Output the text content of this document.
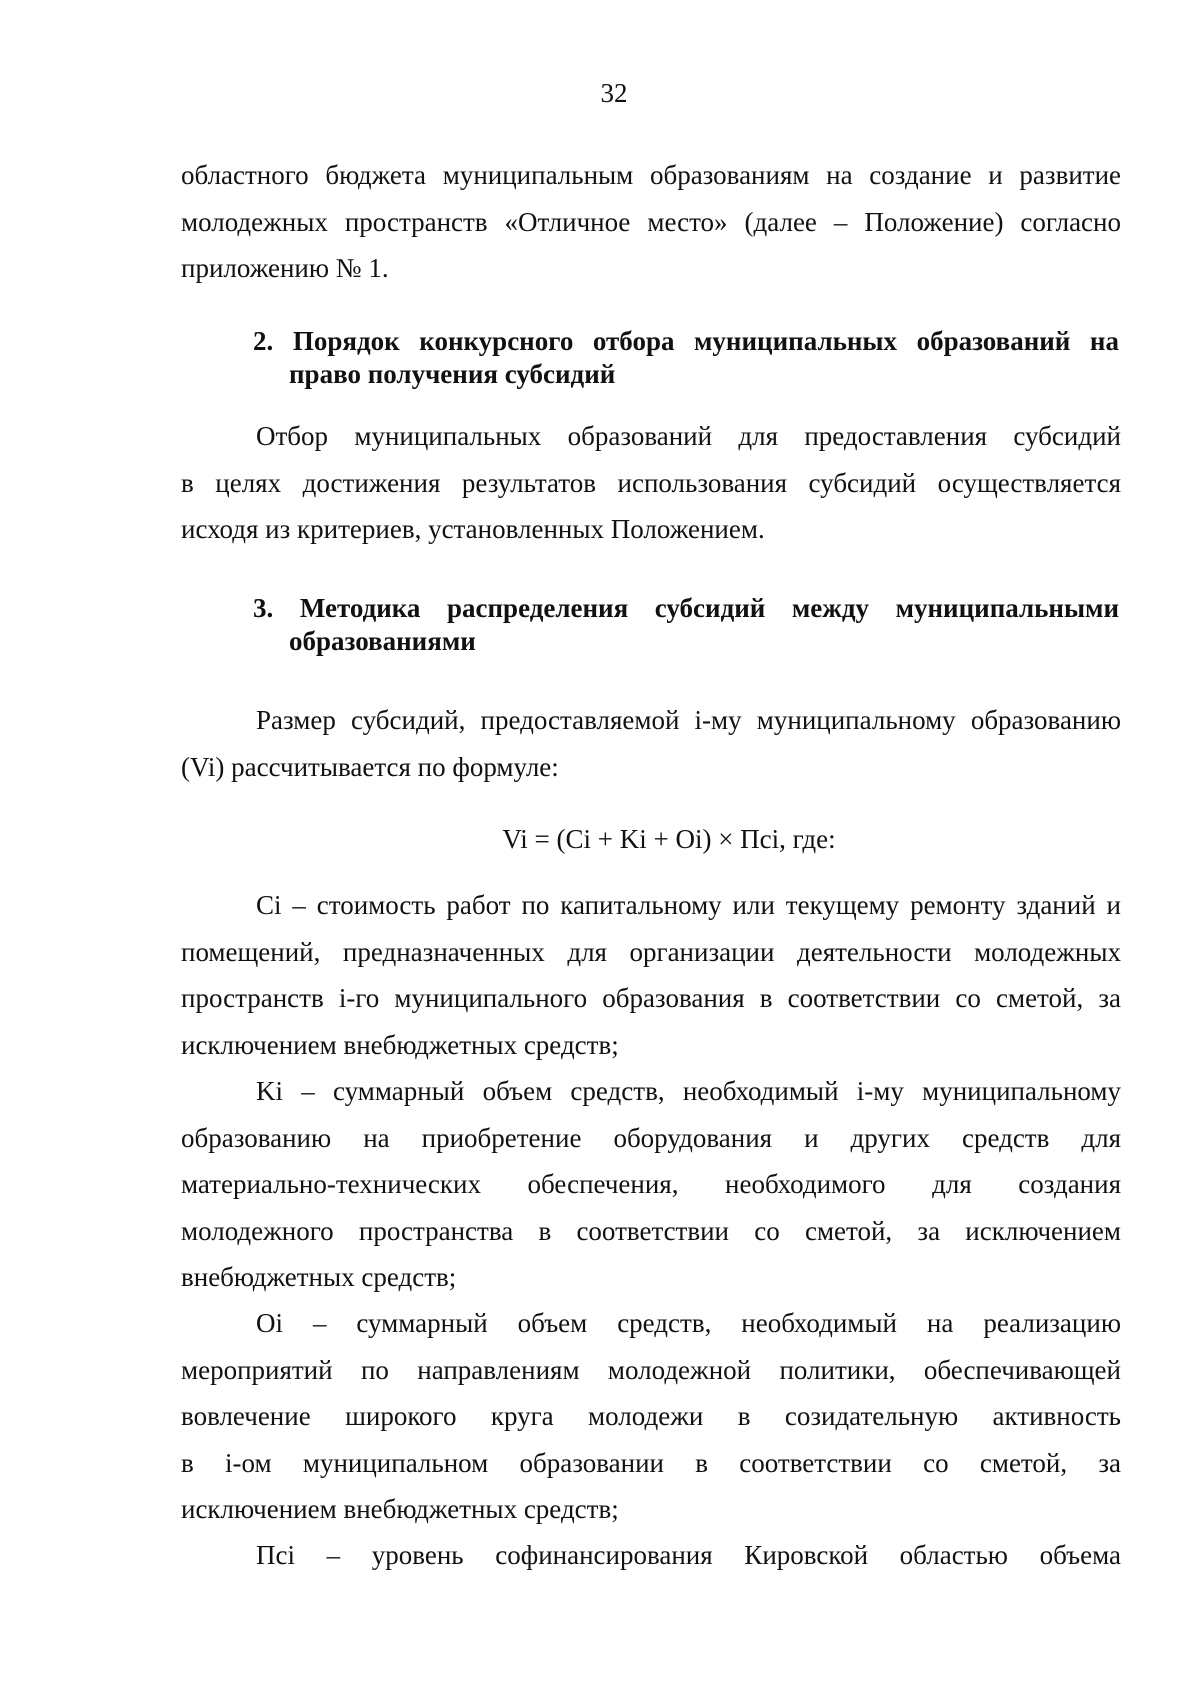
32
областного бюджета муниципальным образованиям на создание и развитие
молодежных пространств «Отличное место» (далее – Положение) согласно
приложению № 1.
2. Порядок конкурсного отбора муниципальных образований на
право получения субсидий
Отбор муниципальных образований для предоставления субсидий
в целях достижения результатов использования субсидий осуществляется
исходя из критериев, установленных Положением.
3. Методика распределения субсидий между муниципальными
образованиями
Размер субсидий, предоставляемой i-му муниципальному образованию
(Vi) рассчитывается по формуле:
Vi = (Ci + Ki + Oi) × Пci, где:
Ci – стоимость работ по капитальному или текущему ремонту зданий и
помещений, предназначенных для организации деятельности молодежных
пространств i-го муниципального образования в соответствии со сметой, за
исключением внебюджетных средств;
Ki – суммарный объем средств, необходимый i-му муниципальному
образованию на приобретение оборудования и других средств для
материально-технических обеспечения, необходимого для создания
молодежного пространства в соответствии со сметой, за исключением
внебюджетных средств;
Oi – суммарный объем средств, необходимый на реализацию
мероприятий по направлениям молодежной политики, обеспечивающей
вовлечение широкого круга молодежи в созидательную активность
в i-ом муниципальном образовании в соответствии со сметой, за
исключением внебюджетных средств;
Пci – уровень софинансирования Кировской областью объема
